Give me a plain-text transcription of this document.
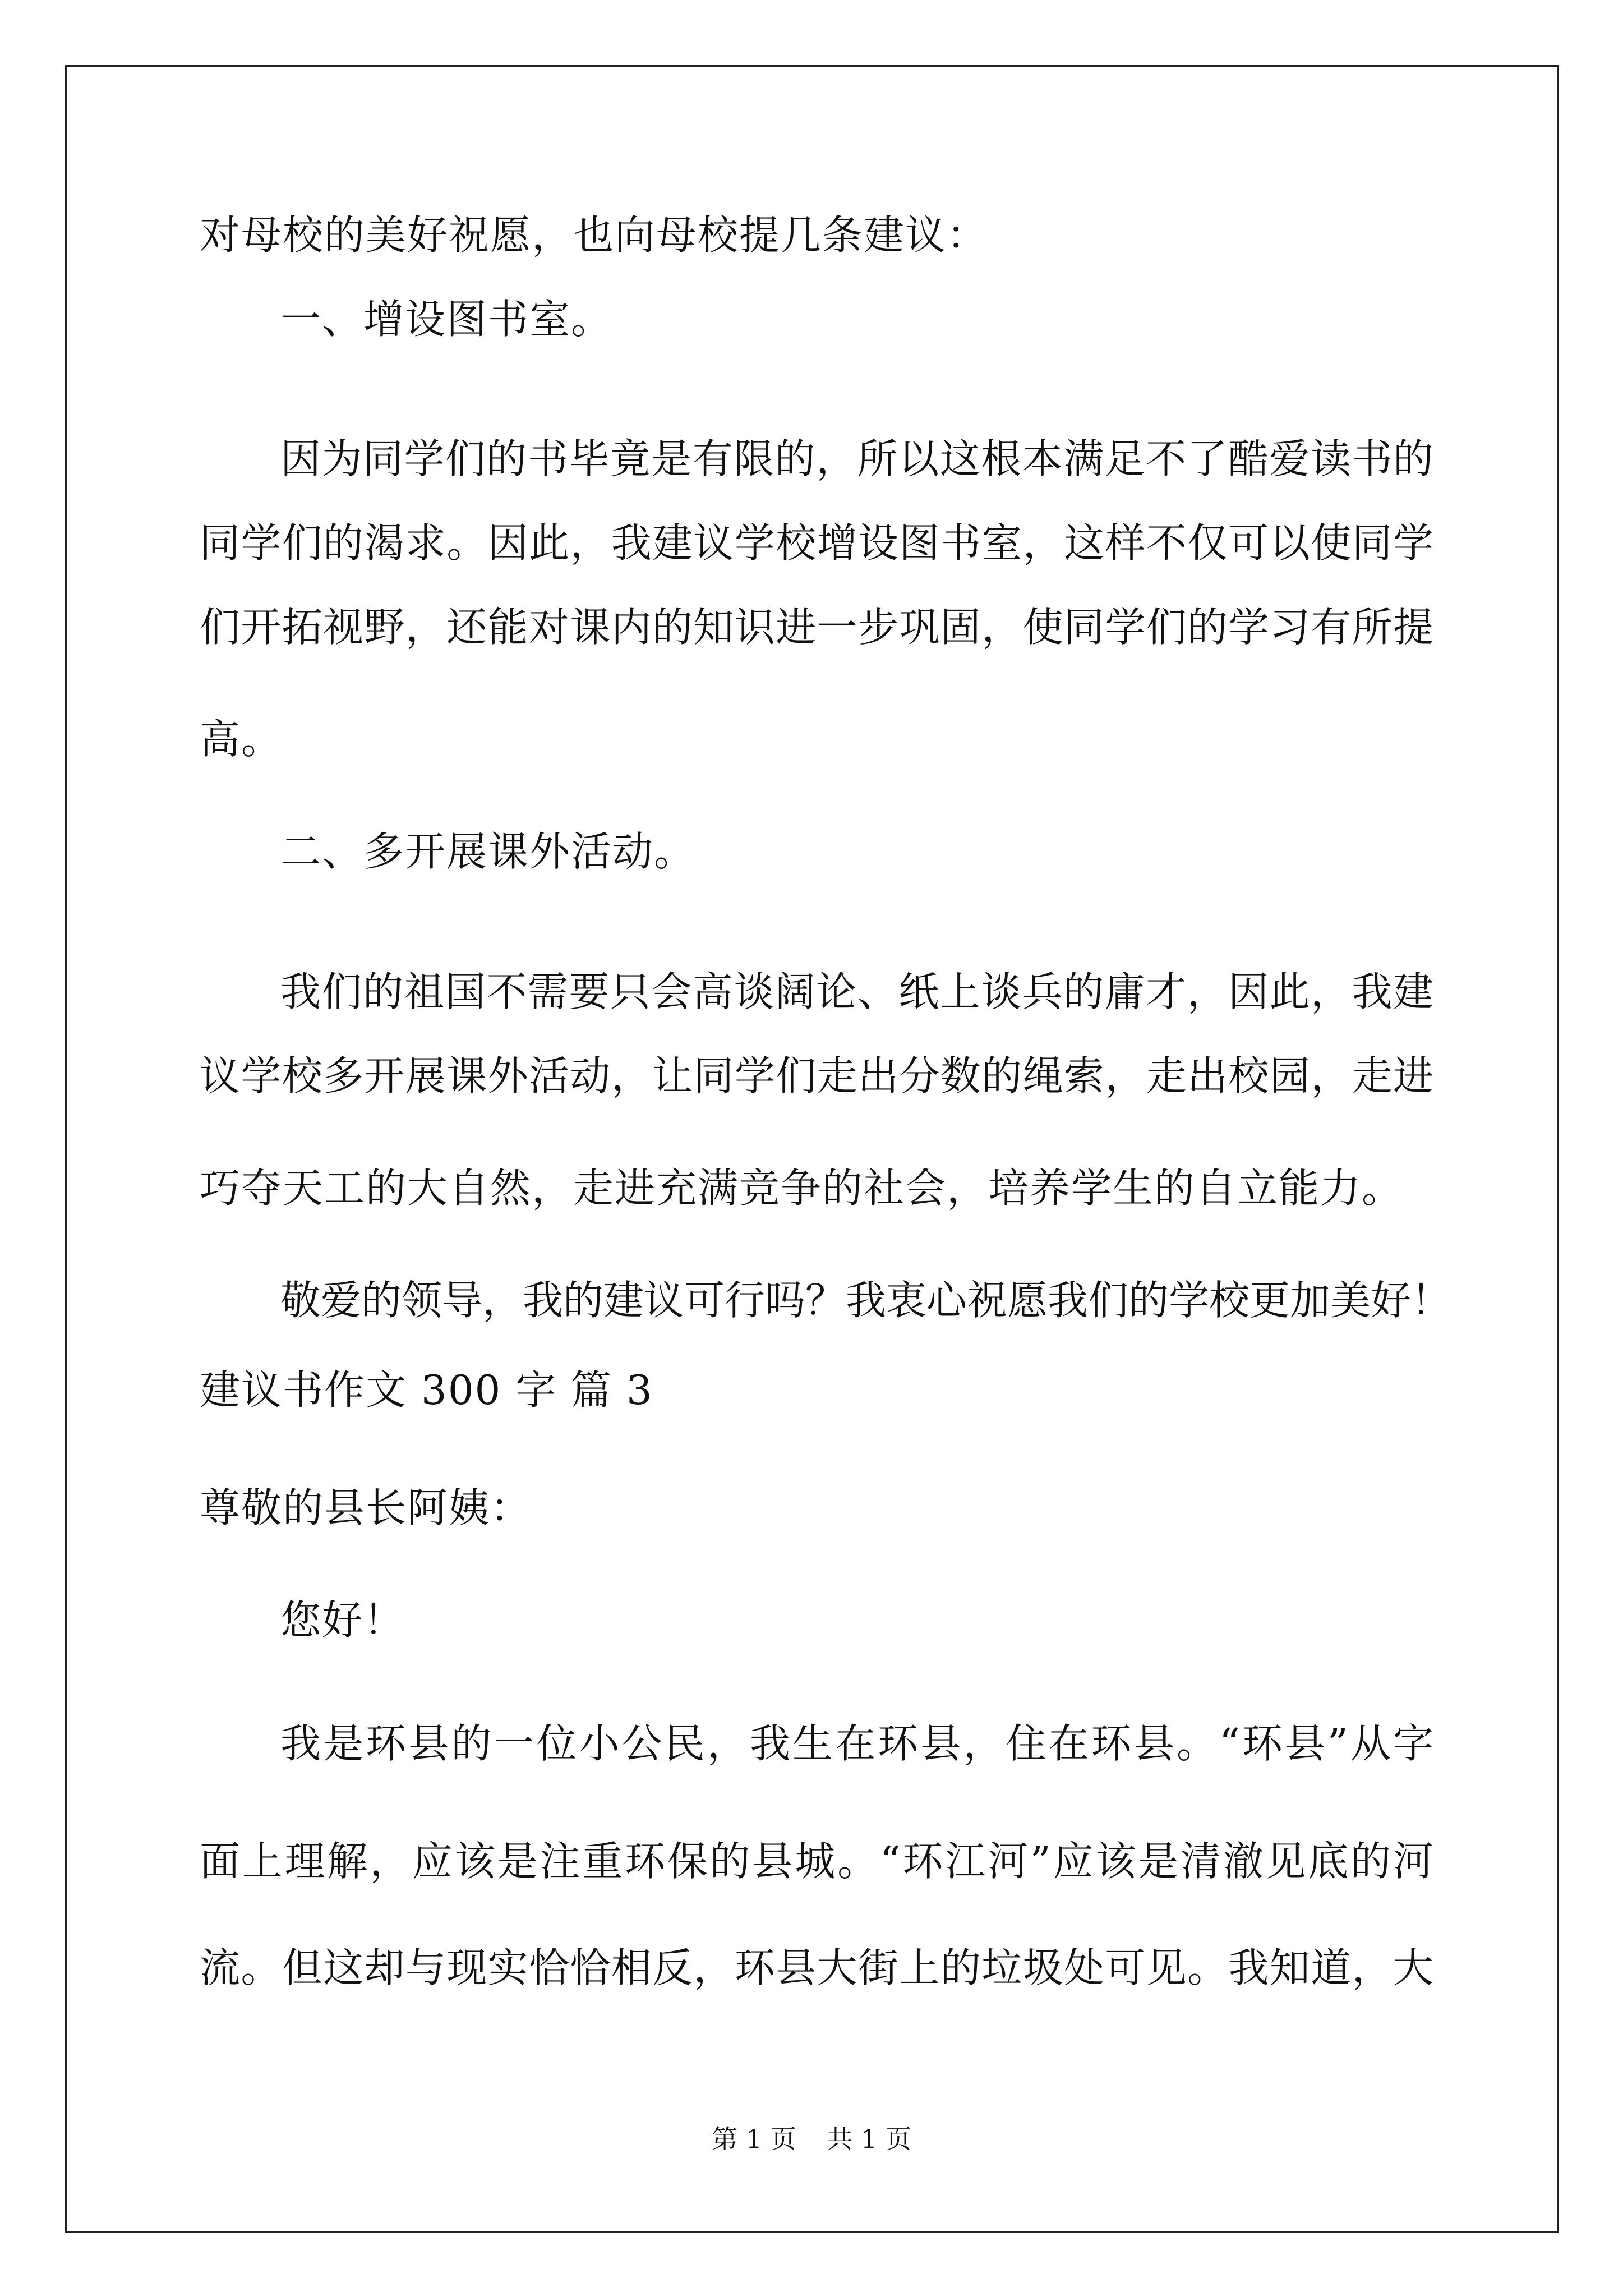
对母校的美好祝愿，也向母校提几条建议：
一、增设图书室。
因为同学们的书毕竟是有限的，所以这根本满足不了酷爱读书的
同学们的渴求。因此，我建议学校增设图书室，这样不仅可以使同学
们开拓视野，还能对课内的知识进一步巩固，使同学们的学习有所提
高。
二、多开展课外活动。
我们的祖国不需要只会高谈阔论、纸上谈兵的庸才，因此，我建
议学校多开展课外活动，让同学们走出分数的绳索，走出校园，走进
巧夺天工的大自然，走进充满竞争的社会，培养学生的自立能力。
敬爱的领导，我的建议可行吗？我衷心祝愿我们的学校更加美好！
建议书作文 300 字 篇 3
尊敬的县长阿姨：
您好！
我是环县的一位小公民，我生在环县，住在环县。“环县”从字
面上理解，应该是注重环保的县城。“环江河”应该是清澈见底的河
流。但这却与现实恰恰相反，环县大街上的垃圾处可见。我知道，大
第 1 页 共 1 页
